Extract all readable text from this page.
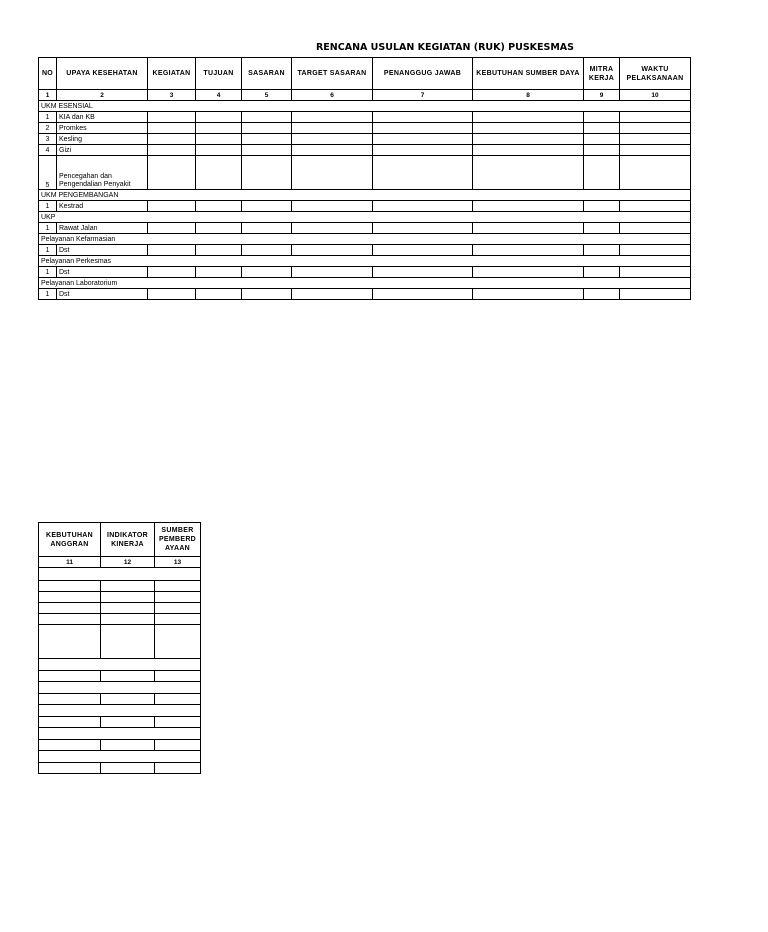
RENCANA USULAN KEGIATAN (RUK) PUSKESMAS
NO	UPAYA KESEHATAN	KEGIATAN	TUJUAN	SASARAN	TARGET SASARAN	PENANGGUG JAWAB	KEBUTUHAN SUMBER DAYA	MITRA KERJA	WAKTU PELAKSANAAN
1	2	3	4	5	6	7	8	9	10
UKM ESENSIAL									
1	KIA dan KB								
2	Promkes								
3	Kesling								
4	Gizi								
5	Pencegahan dan Pengendalian Penyakit								
UKM PENGEMBANGAN									
1	Kestrad								
UKP									
1	Rawat Jalan								
Pelayanan Kefarmasian									
1	Dst								
Pelayanan Perkesmas									
1	Dst								
Pelayanan Laboratorium									
1	Dst								
KEBUTUHAN ANGGRAN	INDIKATOR KINERJA	SUMBER PEMBERD AYAAN
11	12	13
